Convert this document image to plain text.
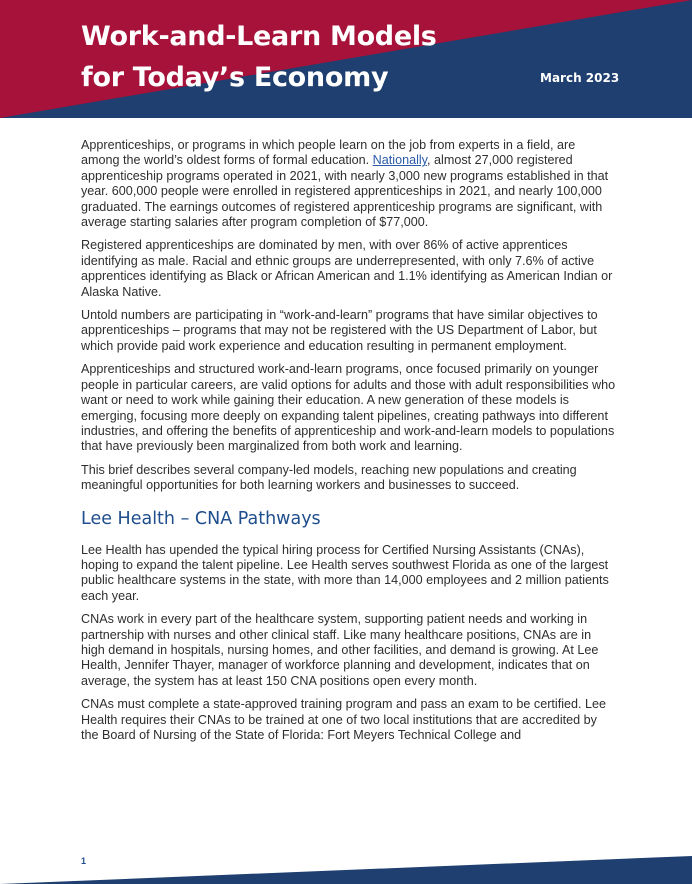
Work-and-Learn Models
for Today’s Economy	March 2023

Apprenticeships, or programs in which people learn on the job from experts in a field, are among the world’s oldest forms of formal education. Nationally, almost 27,000 registered apprenticeship programs operated in 2021, with nearly 3,000 new programs established in that year. 600,000 people were enrolled in registered apprenticeships in 2021, and nearly 100,000 graduated. The earnings outcomes of registered apprenticeship programs are significant, with average starting salaries after program completion of $77,000.

Registered apprenticeships are dominated by men, with over 86% of active apprentices identifying as male. Racial and ethnic groups are underrepresented, with only 7.6% of active apprentices identifying as Black or African American and 1.1% identifying as American Indian or Alaska Native.

Untold numbers are participating in “work-and-learn” programs that have similar objectives to apprenticeships – programs that may not be registered with the US Department of Labor, but which provide paid work experience and education resulting in permanent employment.

Apprenticeships and structured work-and-learn programs, once focused primarily on younger people in particular careers, are valid options for adults and those with adult responsibilities who want or need to work while gaining their education. A new generation of these models is emerging, focusing more deeply on expanding talent pipelines, creating pathways into different industries, and offering the benefits of apprenticeship and work-and-learn models to populations that have previously been marginalized from both work and learning.

This brief describes several company-led models, reaching new populations and creating meaningful opportunities for both learning workers and businesses to succeed.

Lee Health – CNA Pathways

Lee Health has upended the typical hiring process for Certified Nursing Assistants (CNAs), hoping to expand the talent pipeline. Lee Health serves southwest Florida as one of the largest public healthcare systems in the state, with more than 14,000 employees and 2 million patients each year.

CNAs work in every part of the healthcare system, supporting patient needs and working in partnership with nurses and other clinical staff. Like many healthcare positions, CNAs are in high demand in hospitals, nursing homes, and other facilities, and demand is growing. At Lee Health, Jennifer Thayer, manager of workforce planning and development, indicates that on average, the system has at least 150 CNA positions open every month.

CNAs must complete a state-approved training program and pass an exam to be certified. Lee Health requires their CNAs to be trained at one of two local institutions that are accredited by the Board of Nursing of the State of Florida: Fort Meyers Technical College and

1
